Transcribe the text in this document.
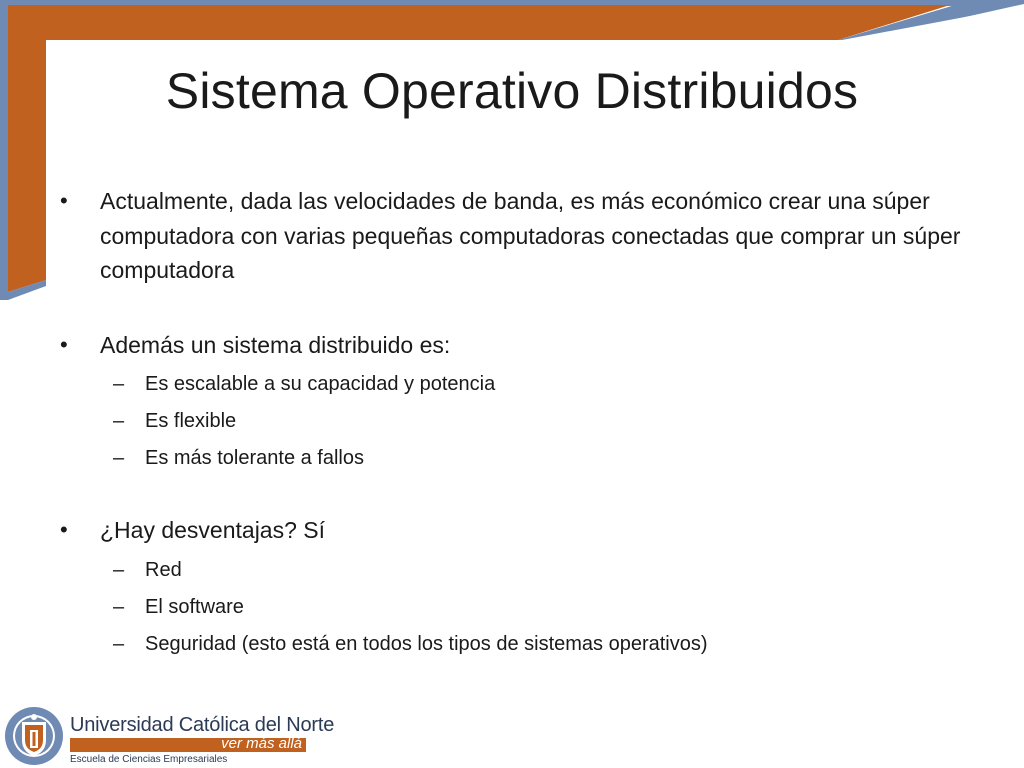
Sistema Operativo Distribuidos
•	Actualmente, dada las velocidades de banda, es más económico crear una súper computadora con varias pequeñas computadoras conectadas que comprar un súper computadora
•	Además un sistema distribuido es:
– Es escalable a su capacidad y potencia
– Es flexible
– Es más tolerante a fallos
•	¿Hay desventajas? Sí
– Red
– El software
– Seguridad (esto está en todos los tipos de sistemas operativos)
Universidad Católica del Norte
ver más allá
Escuela de Ciencias Empresariales
